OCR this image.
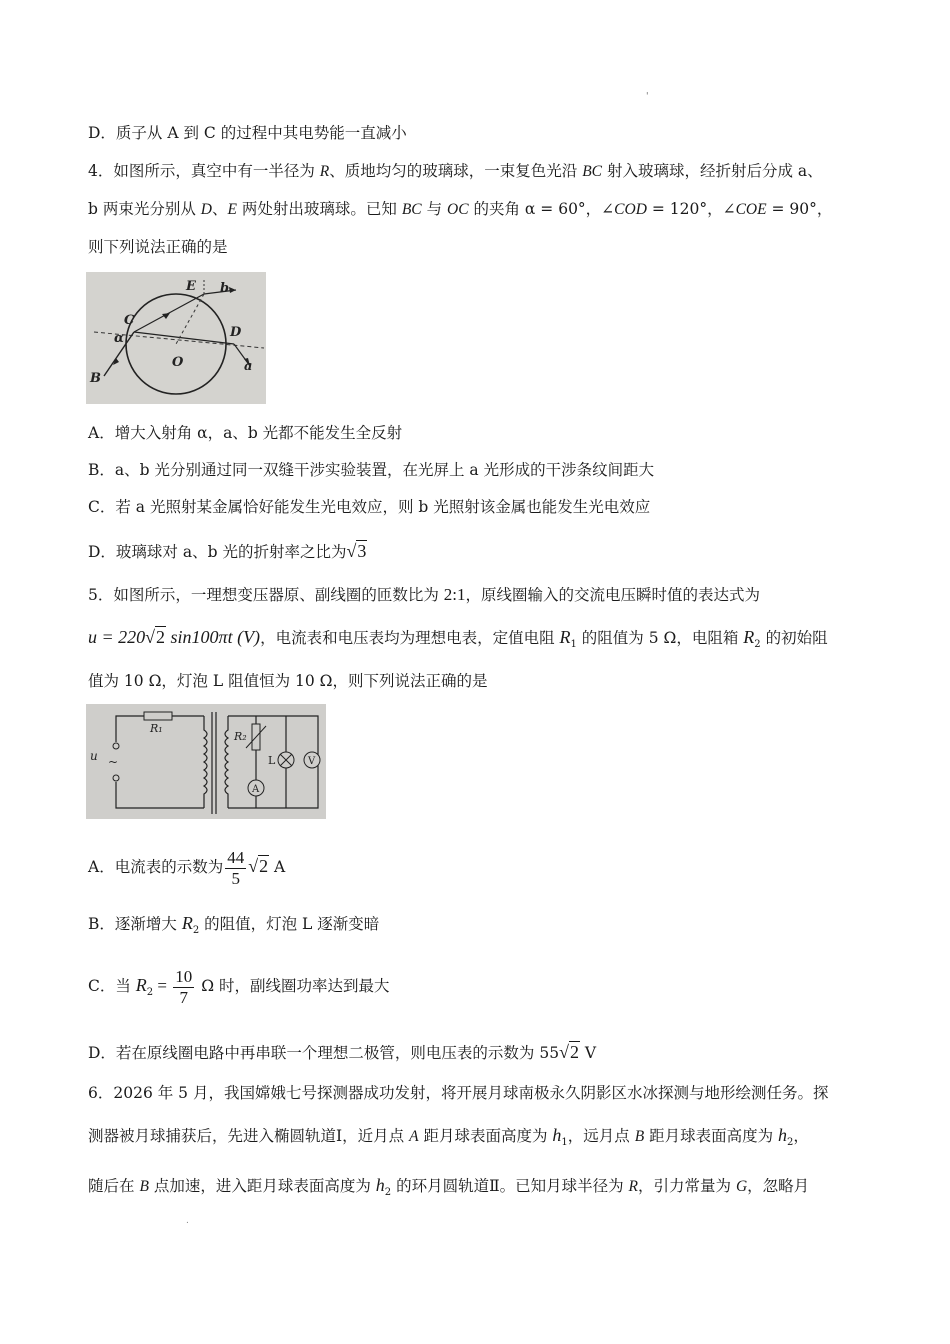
'
D．质子从 A 到 C 的过程中其电势能一直减小
4．如图所示，真空中有一半径为 R、质地均匀的玻璃球，一束复色光沿 BC 射入玻璃球，经折射后分成 a、
b 两束光分别从 D、E 两处射出玻璃球。已知 BC 与 OC 的夹角 α = 60°，∠COD = 120°，∠COE = 90°，
则下列说法正确的是
E b
C
D
α
O	a
B
A．增大入射角 α，a、b 光都不能发生全反射
B．a、b 光分别通过同一双缝干涉实验装置，在光屏上 a 光形成的干涉条纹间距大
C．若 a 光照射某金属恰好能发生光电效应，则 b 光照射该金属也能发生光电效应
D．玻璃球对 a、b 光的折射率之比为√3
5．如图所示，一理想变压器原、副线圈的匝数比为 2:1，原线圈输入的交流电压瞬时值的表达式为
u = 220√2 sin100πt (V)，电流表和电压表均为理想电表，定值电阻 $R_1$ 的阻值为 5 Ω，电阻箱 $R_2$ 的初始阻
值为 10 Ω，灯泡 L 阻值恒为 10 Ω，则下列说法正确的是
R₁
u ~
R₂
L
A
V
A．电流表的示数为 $\frac{44}{5} √2$ A
B．逐渐增大 $R_2$ 的阻值，灯泡 L 逐渐变暗
C．当 $R_2 = \frac{10}{7}$ Ω 时，副线圈功率达到最大
D．若在原线圈电路中再串联一个理想二极管，则电压表的示数为 55√2 V
6．2026 年 5 月，我国嫦娥七号探测器成功发射，将开展月球南极永久阴影区水冰探测与地形绘测任务。探
测器被月球捕获后，先进入椭圆轨道Ⅰ，近月点 A 距月球表面高度为 $h_1$，远月点 B 距月球表面高度为 $h_2$，
随后在 B 点加速，进入距月球表面高度为 $h_2$ 的环月圆轨道Ⅱ。已知月球半径为 R，引力常量为 G，忽略月
.
